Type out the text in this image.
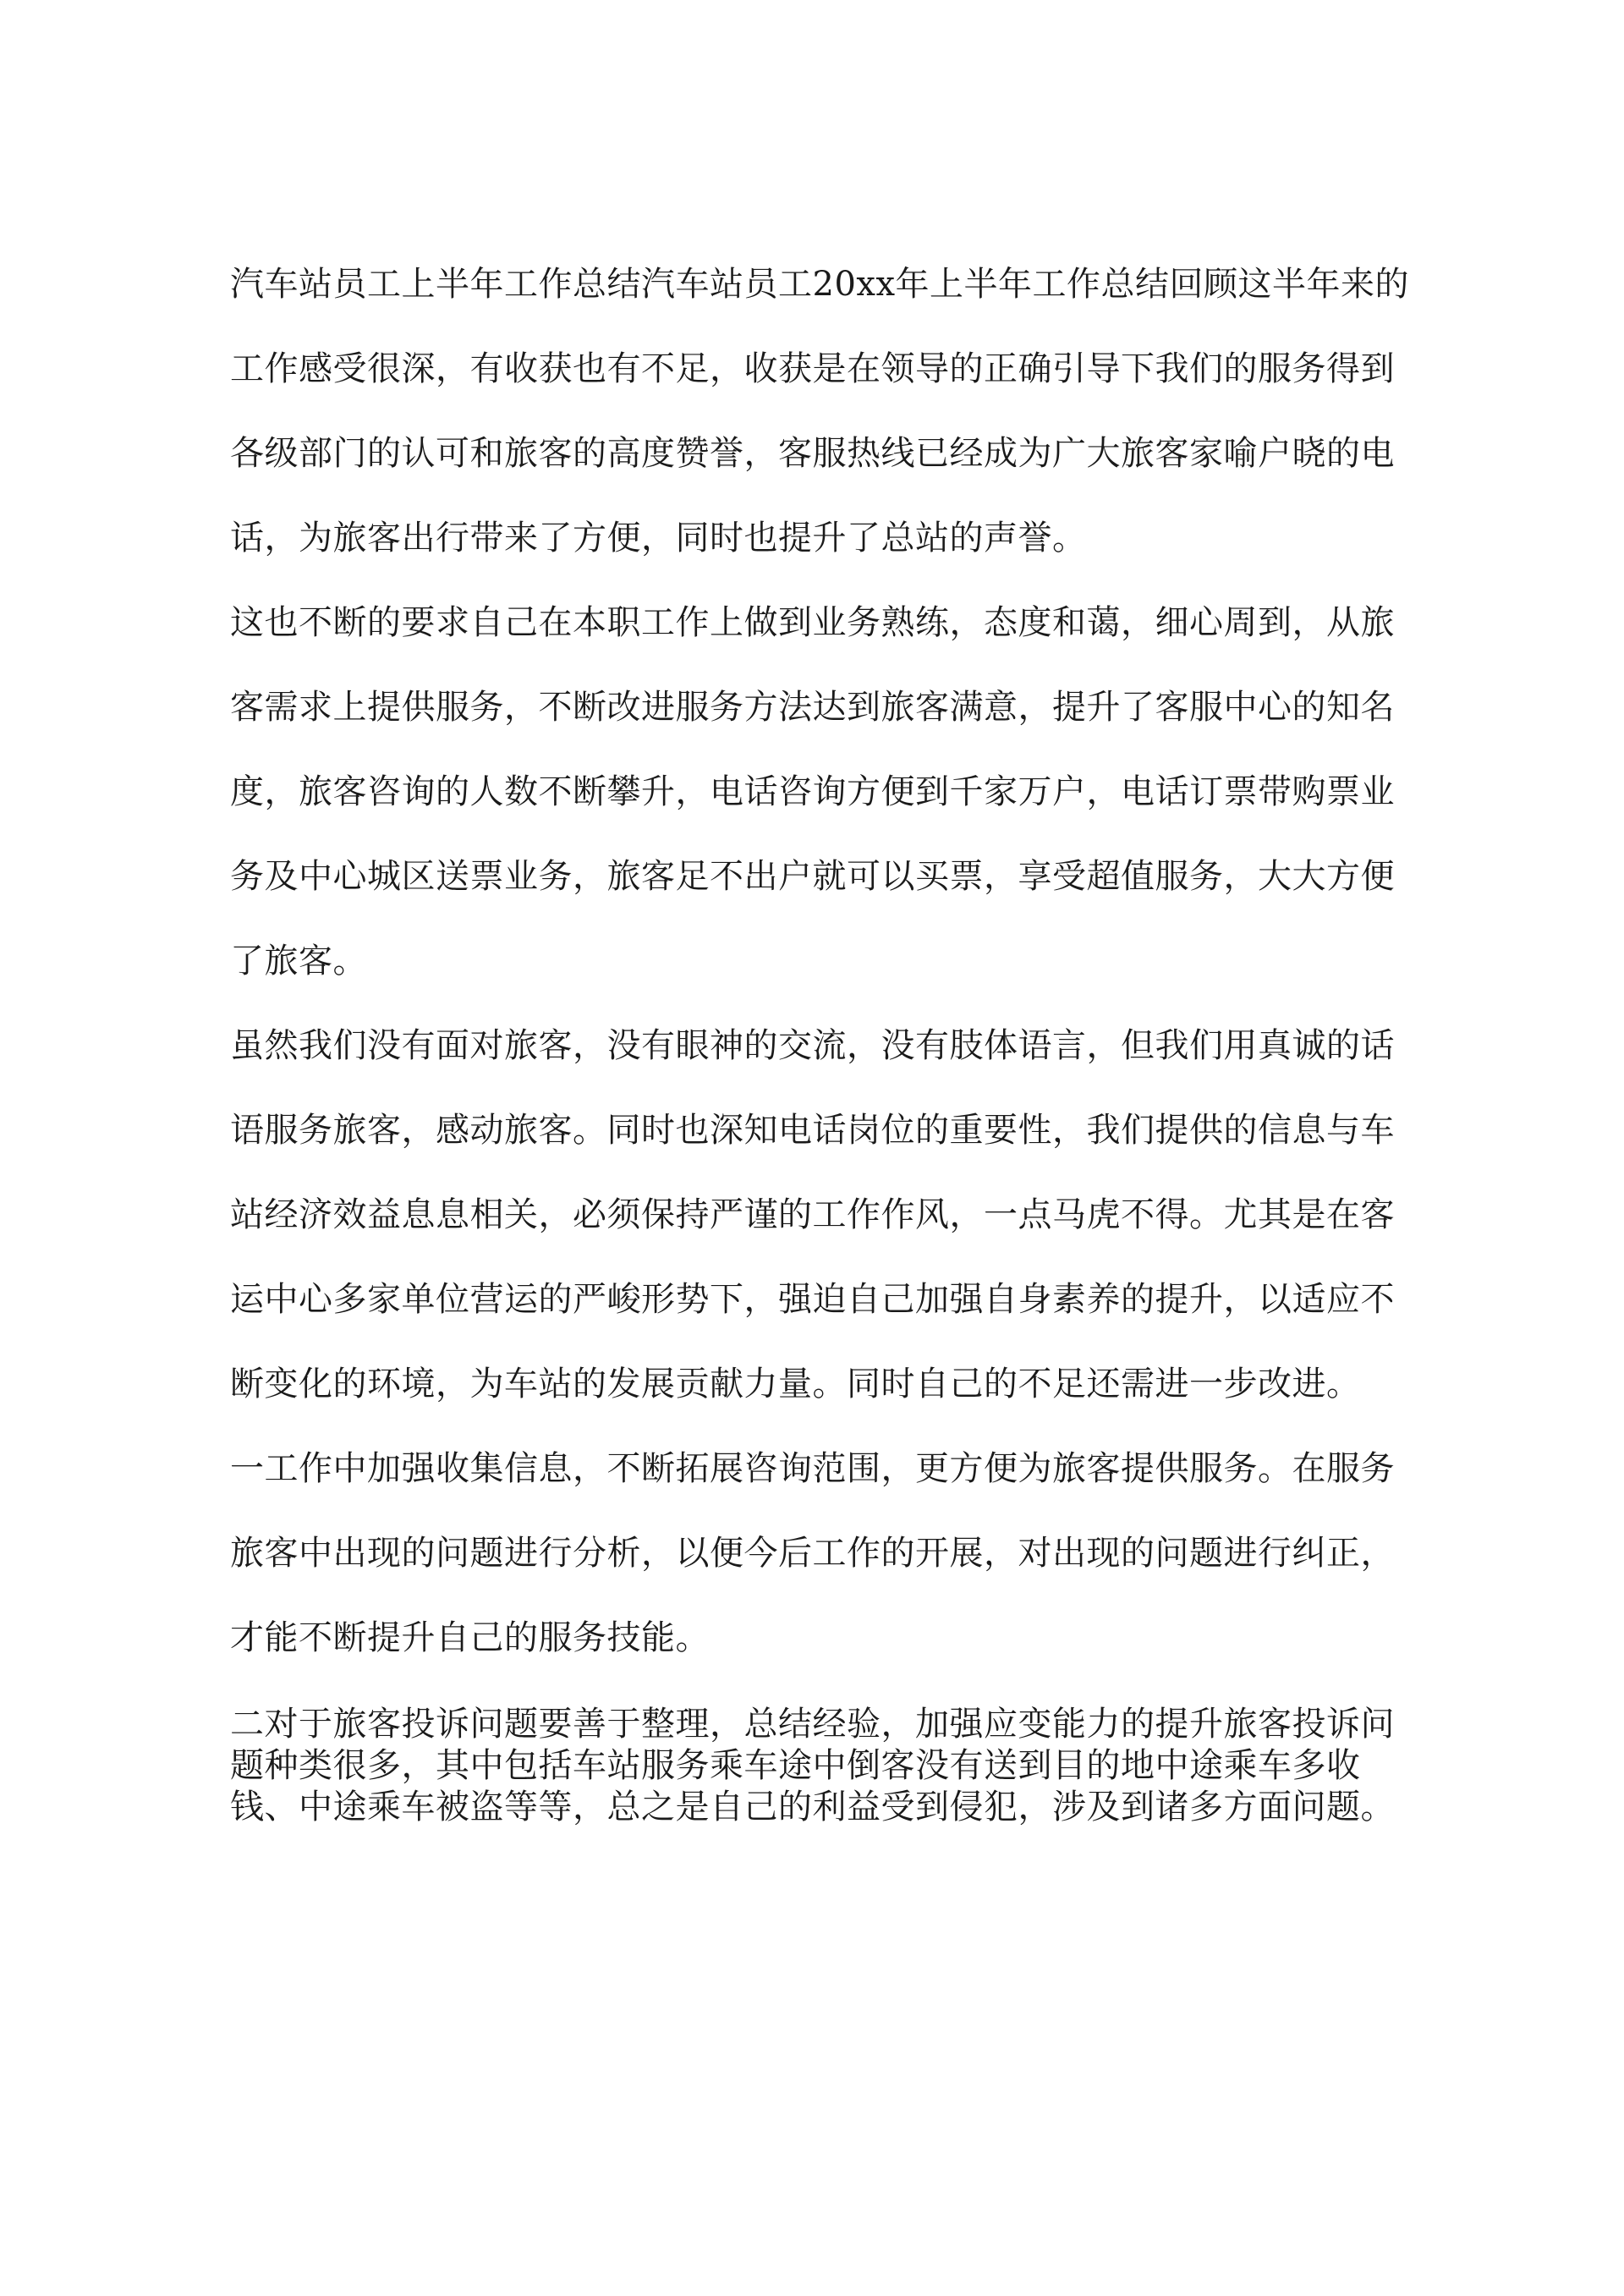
汽车站员工上半年工作总结汽车站员工20xx年上半年工作总结回顾这半年来的工作感受很深，有收获也有不足，收获是在领导的正确引导下我们的服务得到各级部门的认可和旅客的高度赞誉，客服热线已经成为广大旅客家喻户晓的电话，为旅客出行带来了方便，同时也提升了总站的声誉。

这也不断的要求自己在本职工作上做到业务熟练，态度和蔼，细心周到，从旅客需求上提供服务，不断改进服务方法达到旅客满意，提升了客服中心的知名度，旅客咨询的人数不断攀升，电话咨询方便到千家万户，电话订票带购票业务及中心城区送票业务，旅客足不出户就可以买票，享受超值服务，大大方便了旅客。

虽然我们没有面对旅客，没有眼神的交流，没有肢体语言，但我们用真诚的话语服务旅客，感动旅客。同时也深知电话岗位的重要性，我们提供的信息与车站经济效益息息相关，必须保持严谨的工作作风，一点马虎不得。尤其是在客运中心多家单位营运的严峻形势下，强迫自己加强自身素养的提升，以适应不断变化的环境，为车站的发展贡献力量。同时自己的不足还需进一步改进。

一工作中加强收集信息，不断拓展咨询范围，更方便为旅客提供服务。在服务旅客中出现的问题进行分析，以便今后工作的开展，对出现的问题进行纠正，才能不断提升自己的服务技能。

二对于旅客投诉问题要善于整理，总结经验，加强应变能力的提升旅客投诉问题种类很多，其中包括车站服务乘车途中倒客没有送到目的地中途乘车多收钱、中途乘车被盗等等，总之是自己的利益受到侵犯，涉及到诸多方面问题。
